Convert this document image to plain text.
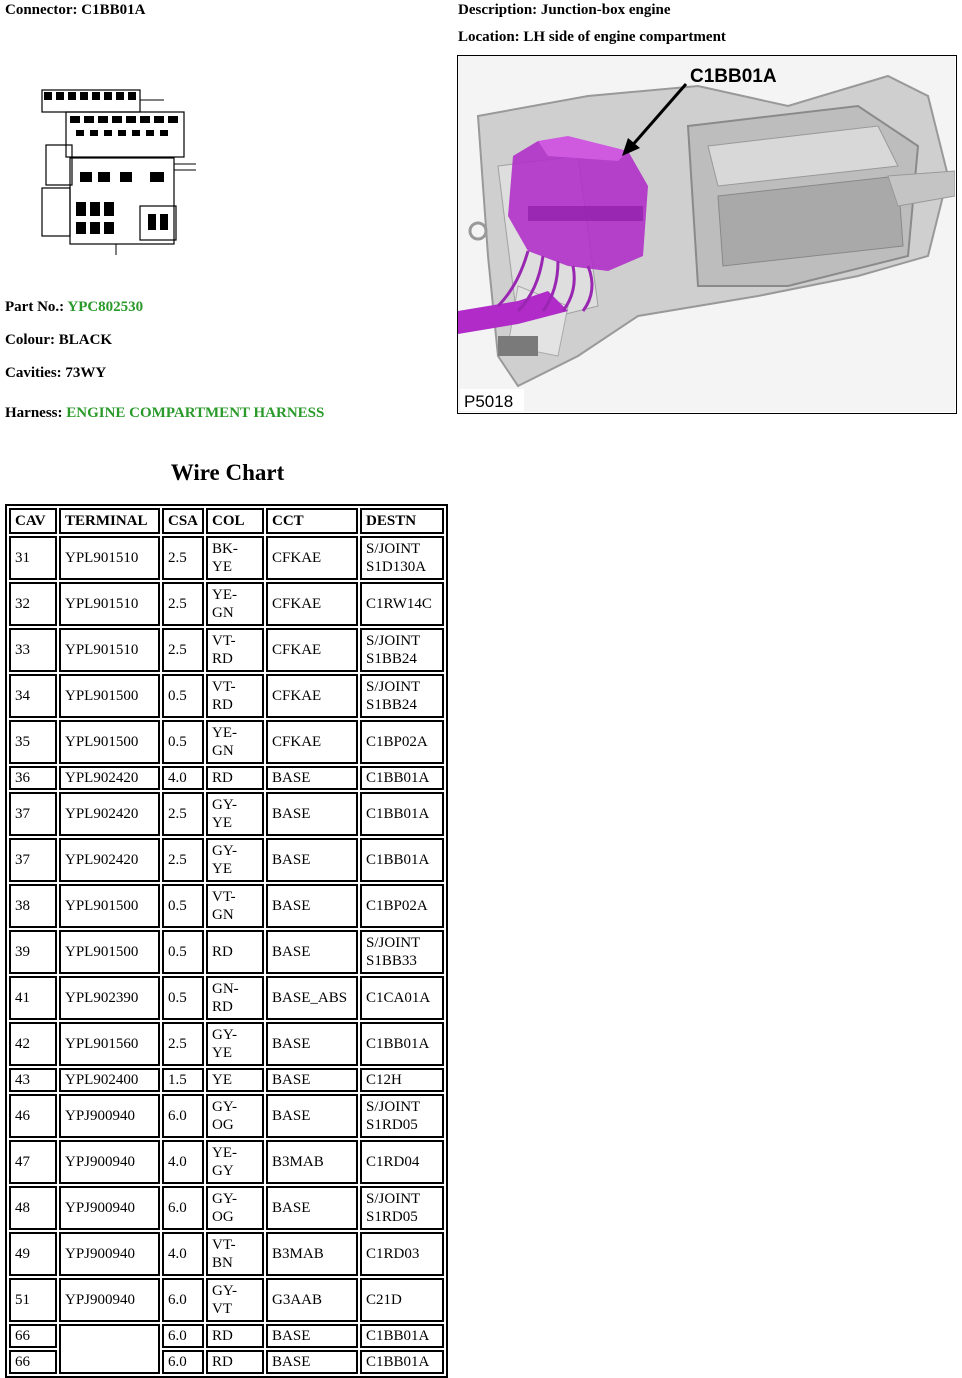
Connector: C1BB01A	Description: Junction-box engine
Location: LH side of engine compartment
Part No.: YPC802530
Colour: BLACK
Cavities: 73WY
Harness: ENGINE COMPARTMENT HARNESS
C1BB01A
P5018
Wire Chart
CAV	TERMINAL	CSA	COL	CCT	DESTN
31	YPL901510	2.5	BK-
YE	CFKAE	S/JOINT
S1D130A
32	YPL901510	2.5	YE-
GN	CFKAE	C1RW14C
33	YPL901510	2.5	VT-
RD	CFKAE	S/JOINT
S1BB24
34	YPL901500	0.5	VT-
RD	CFKAE	S/JOINT
S1BB24
35	YPL901500	0.5	YE-
GN	CFKAE	C1BP02A
36	YPL902420	4.0	RD	BASE	C1BB01A
37	YPL902420	2.5	GY-
YE	BASE	C1BB01A
37	YPL902420	2.5	GY-
YE	BASE	C1BB01A
38	YPL901500	0.5	VT-
GN	BASE	C1BP02A
39	YPL901500	0.5	RD	BASE	S/JOINT
S1BB33
41	YPL902390	0.5	GN-
RD	BASE_ABS	C1CA01A
42	YPL901560	2.5	GY-
YE	BASE	C1BB01A
43	YPL902400	1.5	YE	BASE	C12H
46	YPJ900940	6.0	GY-
OG	BASE	S/JOINT
S1RD05
47	YPJ900940	4.0	YE-
GY	B3MAB	C1RD04
48	YPJ900940	6.0	GY-
OG	BASE	S/JOINT
S1RD05
49	YPJ900940	4.0	VT-
BN	B3MAB	C1RD03
51	YPJ900940	6.0	GY-
VT	G3AAB	C21D
66		6.0	RD	BASE	C1BB01A
66		6.0	RD	BASE	C1BB01A
